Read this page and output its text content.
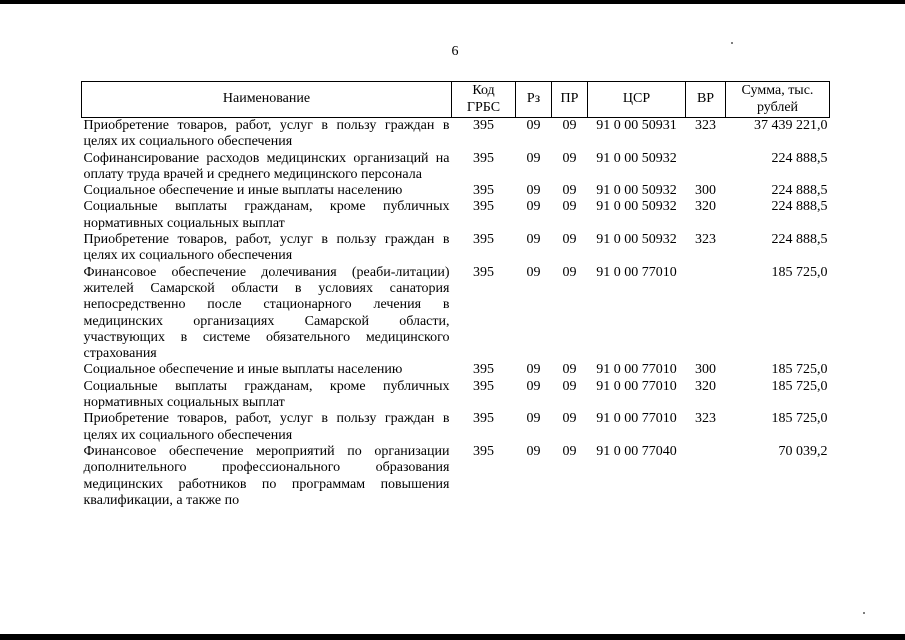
6
Наименование	Код ГРБС	Рз	ПР	ЦСР	ВР	Сумма, тыс. рублей
Приобретение товаров, работ, услуг в пользу граждан в целях их социального обеспечения	395	09	09	91 0 00 50931	323	37 439 221,0
Софинансирование расходов медицинских организаций на оплату труда врачей и среднего медицинского персонала	395	09	09	91 0 00 50932		224 888,5
Социальное обеспечение и иные выплаты населению	395	09	09	91 0 00 50932	300	224 888,5
Социальные выплаты гражданам, кроме публичных нормативных социальных выплат	395	09	09	91 0 00 50932	320	224 888,5
Приобретение товаров, работ, услуг в пользу граждан в целях их социального обеспечения	395	09	09	91 0 00 50932	323	224 888,5
Финансовое обеспечение долечивания (реаби-литации) жителей Самарской области в условиях санатория непосредственно после стационарного лечения в медицинских организациях Самарской области, участвующих в системе обязательного медицинского страхования	395	09	09	91 0 00 77010		185 725,0
Социальное обеспечение и иные выплаты населению	395	09	09	91 0 00 77010	300	185 725,0
Социальные выплаты гражданам, кроме публичных нормативных социальных выплат	395	09	09	91 0 00 77010	320	185 725,0
Приобретение товаров, работ, услуг в пользу граждан в целях их социального обеспечения	395	09	09	91 0 00 77010	323	185 725,0
Финансовое обеспечение мероприятий по организации дополнительного профессионального образования медицинских работников по программам повышения квалификации, а также по	395	09	09	91 0 00 77040		70 039,2
